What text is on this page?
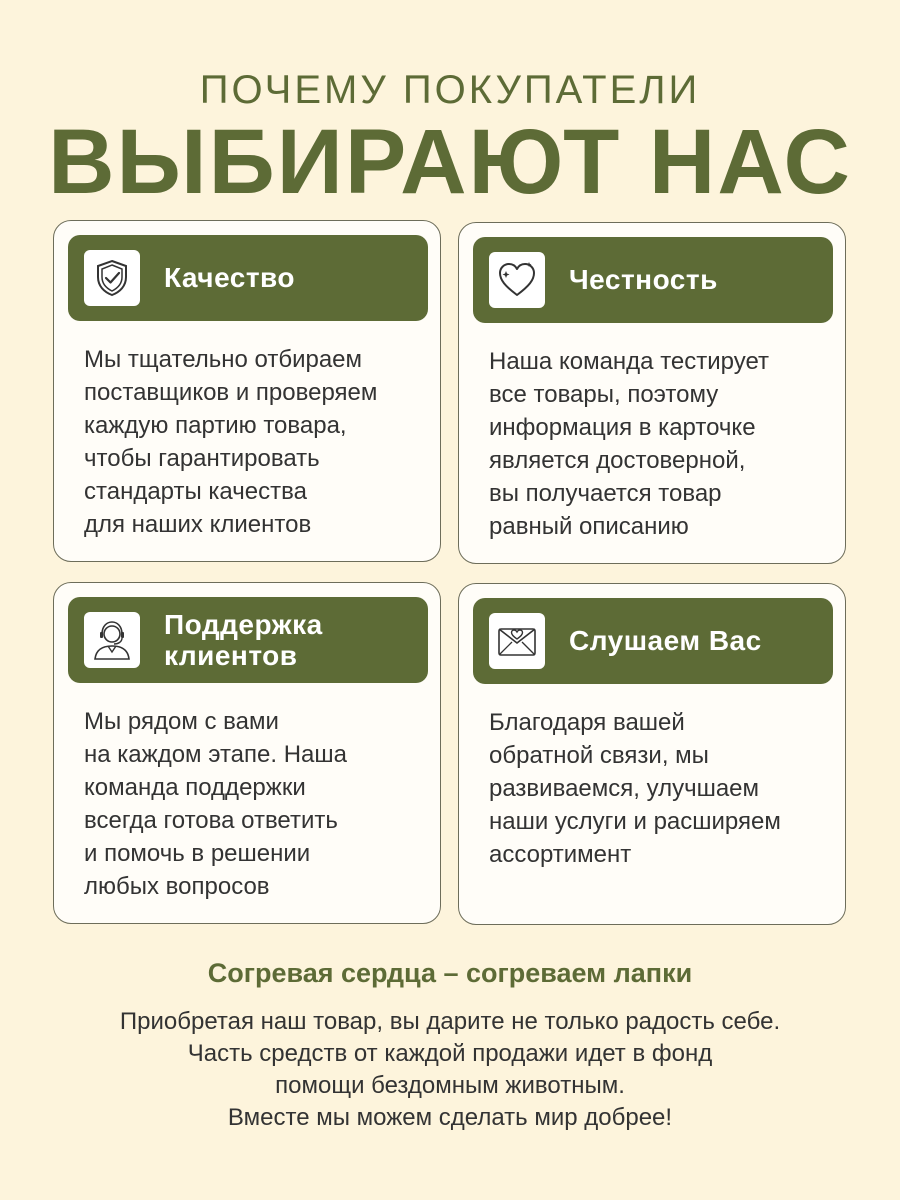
ПОЧЕМУ ПОКУПАТЕЛИ
ВЫБИРАЮТ НАС
Качество
Мы тщательно отбираем
поставщиков и проверяем
каждую партию товара,
чтобы гарантировать
стандарты качества
для наших клиентов
Честность
Наша команда тестирует
все товары, поэтому
информация в карточке
является достоверной,
вы получается товар
равный описанию
Поддержка
клиентов
Мы рядом с вами
на каждом этапе. Наша
команда поддержки
всегда готова ответить
и помочь в решении
любых вопросов
Слушаем Вас
Благодаря вашей
обратной связи, мы
развиваемся, улучшаем
наши услуги и расширяем
ассортимент
Согревая сердца – согреваем лапки
Приобретая наш товар, вы дарите не только радость себе.
Часть средств от каждой продажи идет в фонд
помощи бездомным животным.
Вместе мы можем сделать мир добрее!
